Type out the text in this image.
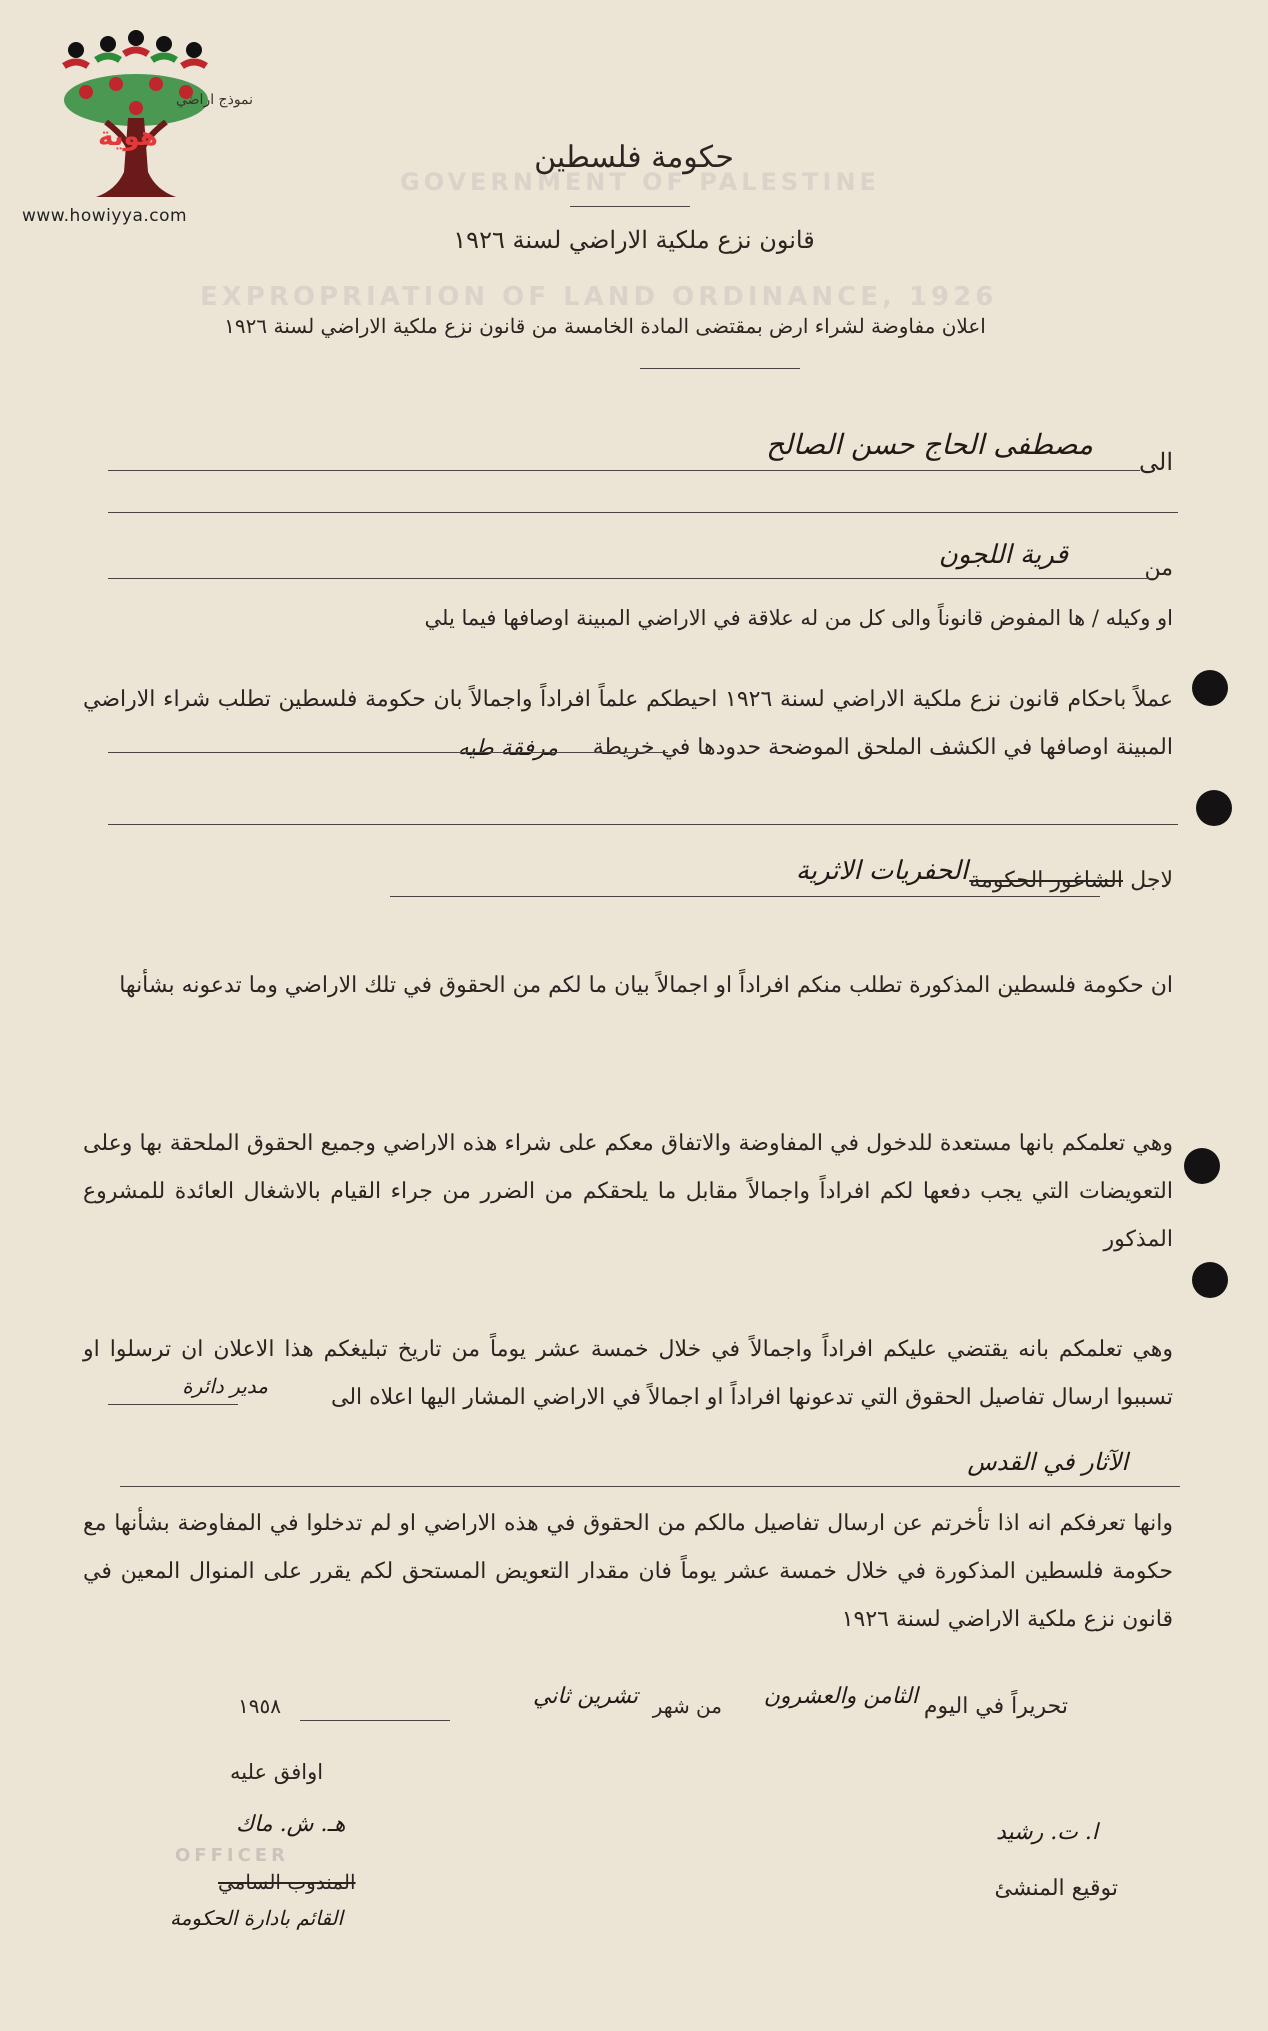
GOVERNMENT OF PALESTINE
EXPROPRIATION OF LAND ORDINANCE, 1926
هوية
نموذج اراضي
www.howiyya.com
حكومة فلسطين
قانون نزع ملكية الاراضي لسنة ١٩٢٦
اعلان مفاوضة لشراء ارض بمقتضى المادة الخامسة من قانون نزع ملكية الاراضي لسنة ١٩٢٦
الى
مصطفى الحاج حسن الصالح
من
قرية اللجون
او وكيله / ها المفوض قانوناً والى كل من له علاقة في الاراضي المبينة اوصافها فيما يلي
عملاً باحكام قانون نزع ملكية الاراضي لسنة ١٩٢٦ احيطكم علماً افراداً واجمالاً بان حكومة فلسطين تطلب شراء الاراضي المبينة اوصافها في الكشف الملحق الموضحة حدودها في خريطة
مرفقة طيه
لاجل
الشاغور الحكومة
الحفريات الاثرية
ان حكومة فلسطين المذكورة تطلب منكم افراداً او اجمالاً بيان ما لكم من الحقوق في تلك الاراضي وما تدعونه بشأنها
وهي تعلمكم بانها مستعدة للدخول في المفاوضة والاتفاق معكم على شراء هذه الاراضي وجميع الحقوق الملحقة بها وعلى التعويضات التي يجب دفعها لكم افراداً واجمالاً مقابل ما يلحقكم من الضرر من جراء القيام بالاشغال العائدة للمشروع المذكور
وهي تعلمكم بانه يقتضي عليكم افراداً واجمالاً في خلال خمسة عشر يوماً من تاريخ تبليغكم هذا الاعلان ان ترسلوا او تسببوا ارسال تفاصيل الحقوق التي تدعونها افراداً او اجمالاً في الاراضي المشار اليها اعلاه الى
مدير دائرة
الآثار في القدس
وانها تعرفكم انه اذا تأخرتم عن ارسال تفاصيل مالكم من الحقوق في هذه الاراضي او لم تدخلوا في المفاوضة بشأنها مع حكومة فلسطين المذكورة في خلال خمسة عشر يوماً فان مقدار التعويض المستحق لكم يقرر على المنوال المعين في قانون نزع ملكية الاراضي لسنة ١٩٢٦
تحريراً في اليوم
الثامن والعشرون
من شهر
تشرين ثاني
١٩٥٨
اوافق عليه
هـ. ش. ماك
OFFICER
المندوب السامي
القائم بادارة الحكومة
ا. ت. رشيد
توقيع المنشئ
